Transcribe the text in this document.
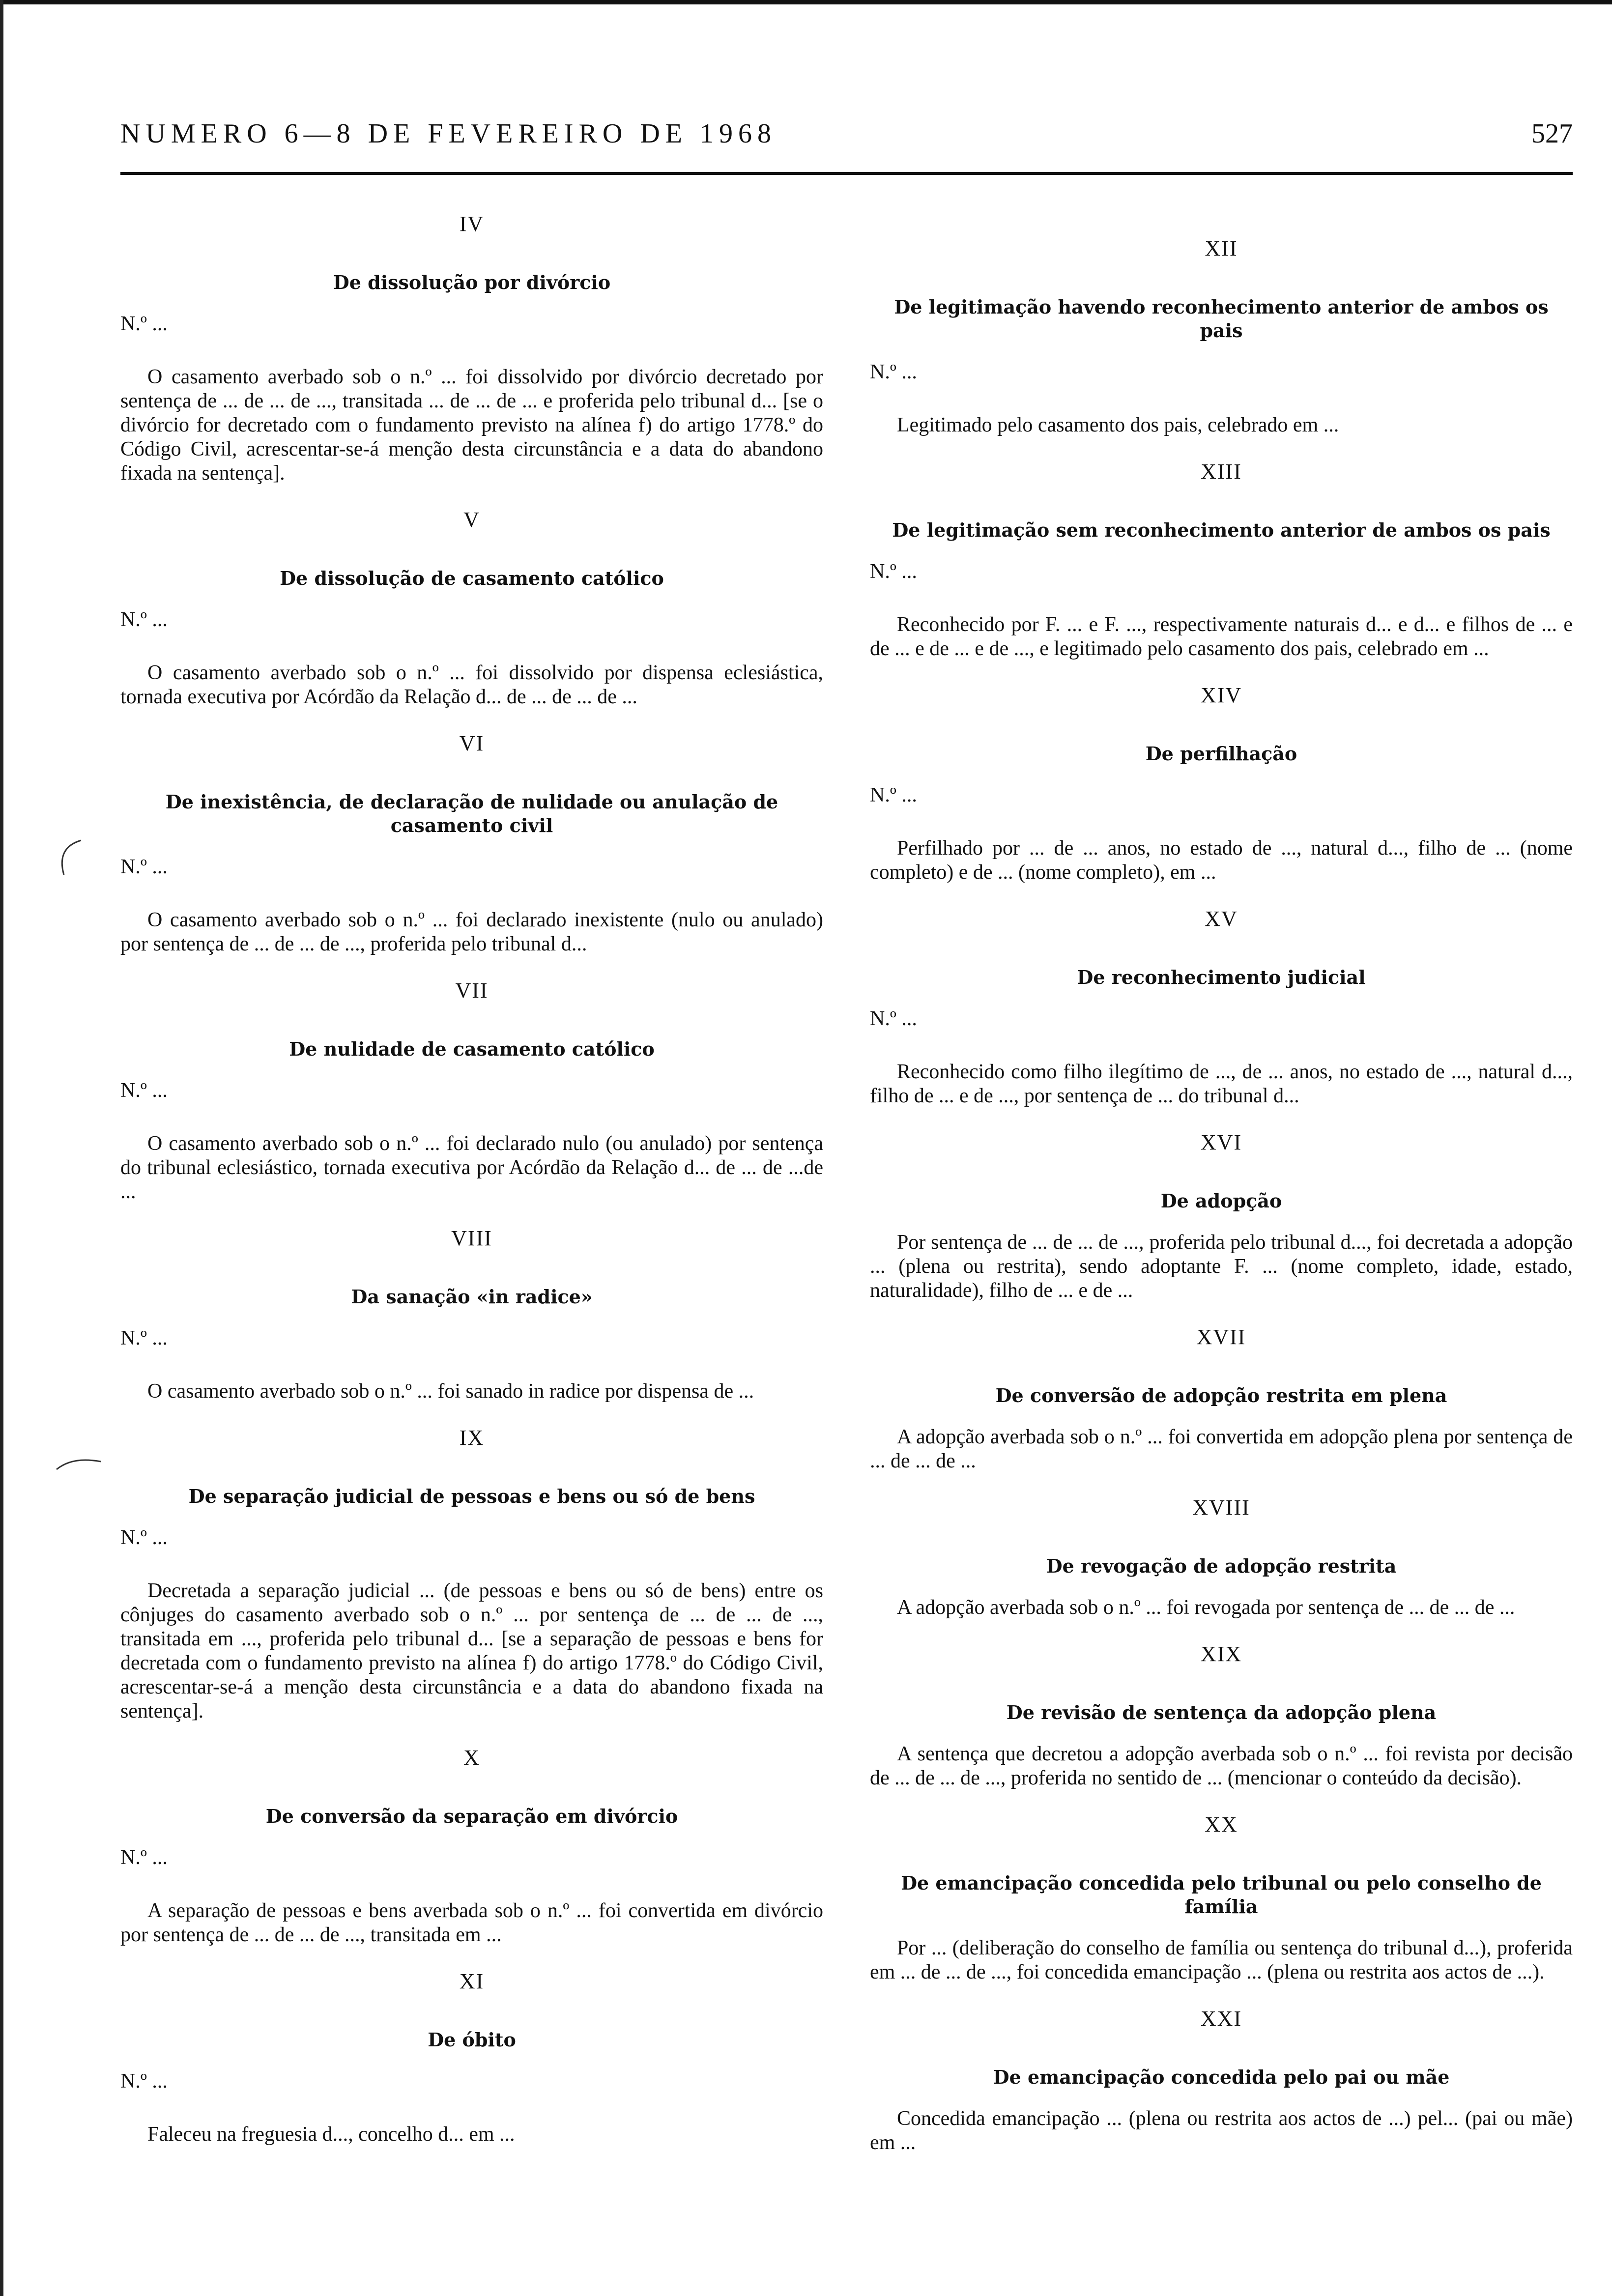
NUMERO 6—8 DE FEVEREIRO DE 1968	527
IV
De dissolução por divórcio
N.º ...
O casamento averbado sob o n.º ... foi dissolvido por divórcio decretado por sentença de ... de ... de ..., transitada ... de ... de ... e proferida pelo tribunal d... [se o divórcio for decretado com o fundamento previsto na alínea f) do artigo 1778.º do Código Civil, acrescentar-se-á menção desta circunstância e a data do abandono fixada na sentença].
V
De dissolução de casamento católico
N.º ...
O casamento averbado sob o n.º ... foi dissolvido por dispensa eclesiástica, tornada executiva por Acórdão da Relação d... de ... de ... de ...
VI
De inexistência, de declaração de nulidade ou anulação de casamento civil
N.º ...
O casamento averbado sob o n.º ... foi declarado inexistente (nulo ou anulado) por sentença de ... de ... de ..., proferida pelo tribunal d...
VII
De nulidade de casamento católico
N.º ...
O casamento averbado sob o n.º ... foi declarado nulo (ou anulado) por sentença do tribunal eclesiástico, tornada executiva por Acórdão da Relação d... de ... de ...de ...
VIII
Da sanação «in radice»
N.º ...
O casamento averbado sob o n.º ... foi sanado in radice por dispensa de ...
IX
De separação judicial de pessoas e bens ou só de bens
N.º ...
Decretada a separação judicial ... (de pessoas e bens ou só de bens) entre os cônjuges do casamento averbado sob o n.º ... por sentença de ... de ... de ..., transitada em ..., proferida pelo tribunal d... [se a separação de pessoas e bens for decretada com o fundamento previsto na alínea f) do artigo 1778.º do Código Civil, acrescentar-se-á a menção desta circunstância e a data do abandono fixada na sentença].
X
De conversão da separação em divórcio
N.º ...
A separação de pessoas e bens averbada sob o n.º ... foi convertida em divórcio por sentença de ... de ... de ..., transitada em ...
XI
De óbito
N.º ...
Faleceu na freguesia d..., concelho d... em ...
XII
De legitimação havendo reconhecimento anterior de ambos os pais
N.º ...
Legitimado pelo casamento dos pais, celebrado em ...
XIII
De legitimação sem reconhecimento anterior de ambos os pais
N.º ...
Reconhecido por F. ... e F. ..., respectivamente naturais d... e d... e filhos de ... e de ... e de ... e de ..., e legitimado pelo casamento dos pais, celebrado em ...
XIV
De perfilhação
N.º ...
Perfilhado por ... de ... anos, no estado de ..., natural d..., filho de ... (nome completo) e de ... (nome completo), em ...
XV
De reconhecimento judicial
N.º ...
Reconhecido como filho ilegítimo de ..., de ... anos, no estado de ..., natural d..., filho de ... e de ..., por sentença de ... do tribunal d...
XVI
De adopção
Por sentença de ... de ... de ..., proferida pelo tribunal d..., foi decretada a adopção ... (plena ou restrita), sendo adoptante F. ... (nome completo, idade, estado, naturalidade), filho de ... e de ...
XVII
De conversão de adopção restrita em plena
A adopção averbada sob o n.º ... foi convertida em adopção plena por sentença de ... de ... de ...
XVIII
De revogação de adopção restrita
A adopção averbada sob o n.º ... foi revogada por sentença de ... de ... de ...
XIX
De revisão de sentença da adopção plena
A sentença que decretou a adopção averbada sob o n.º ... foi revista por decisão de ... de ... de ..., proferida no sentido de ... (mencionar o conteúdo da decisão).
XX
De emancipação concedida pelo tribunal ou pelo conselho de família
Por ... (deliberação do conselho de família ou sentença do tribunal d...), proferida em ... de ... de ..., foi concedida emancipação ... (plena ou restrita aos actos de ...).
XXI
De emancipação concedida pelo pai ou mãe
Concedida emancipação ... (plena ou restrita aos actos de ...) pel... (pai ou mãe) em ...
